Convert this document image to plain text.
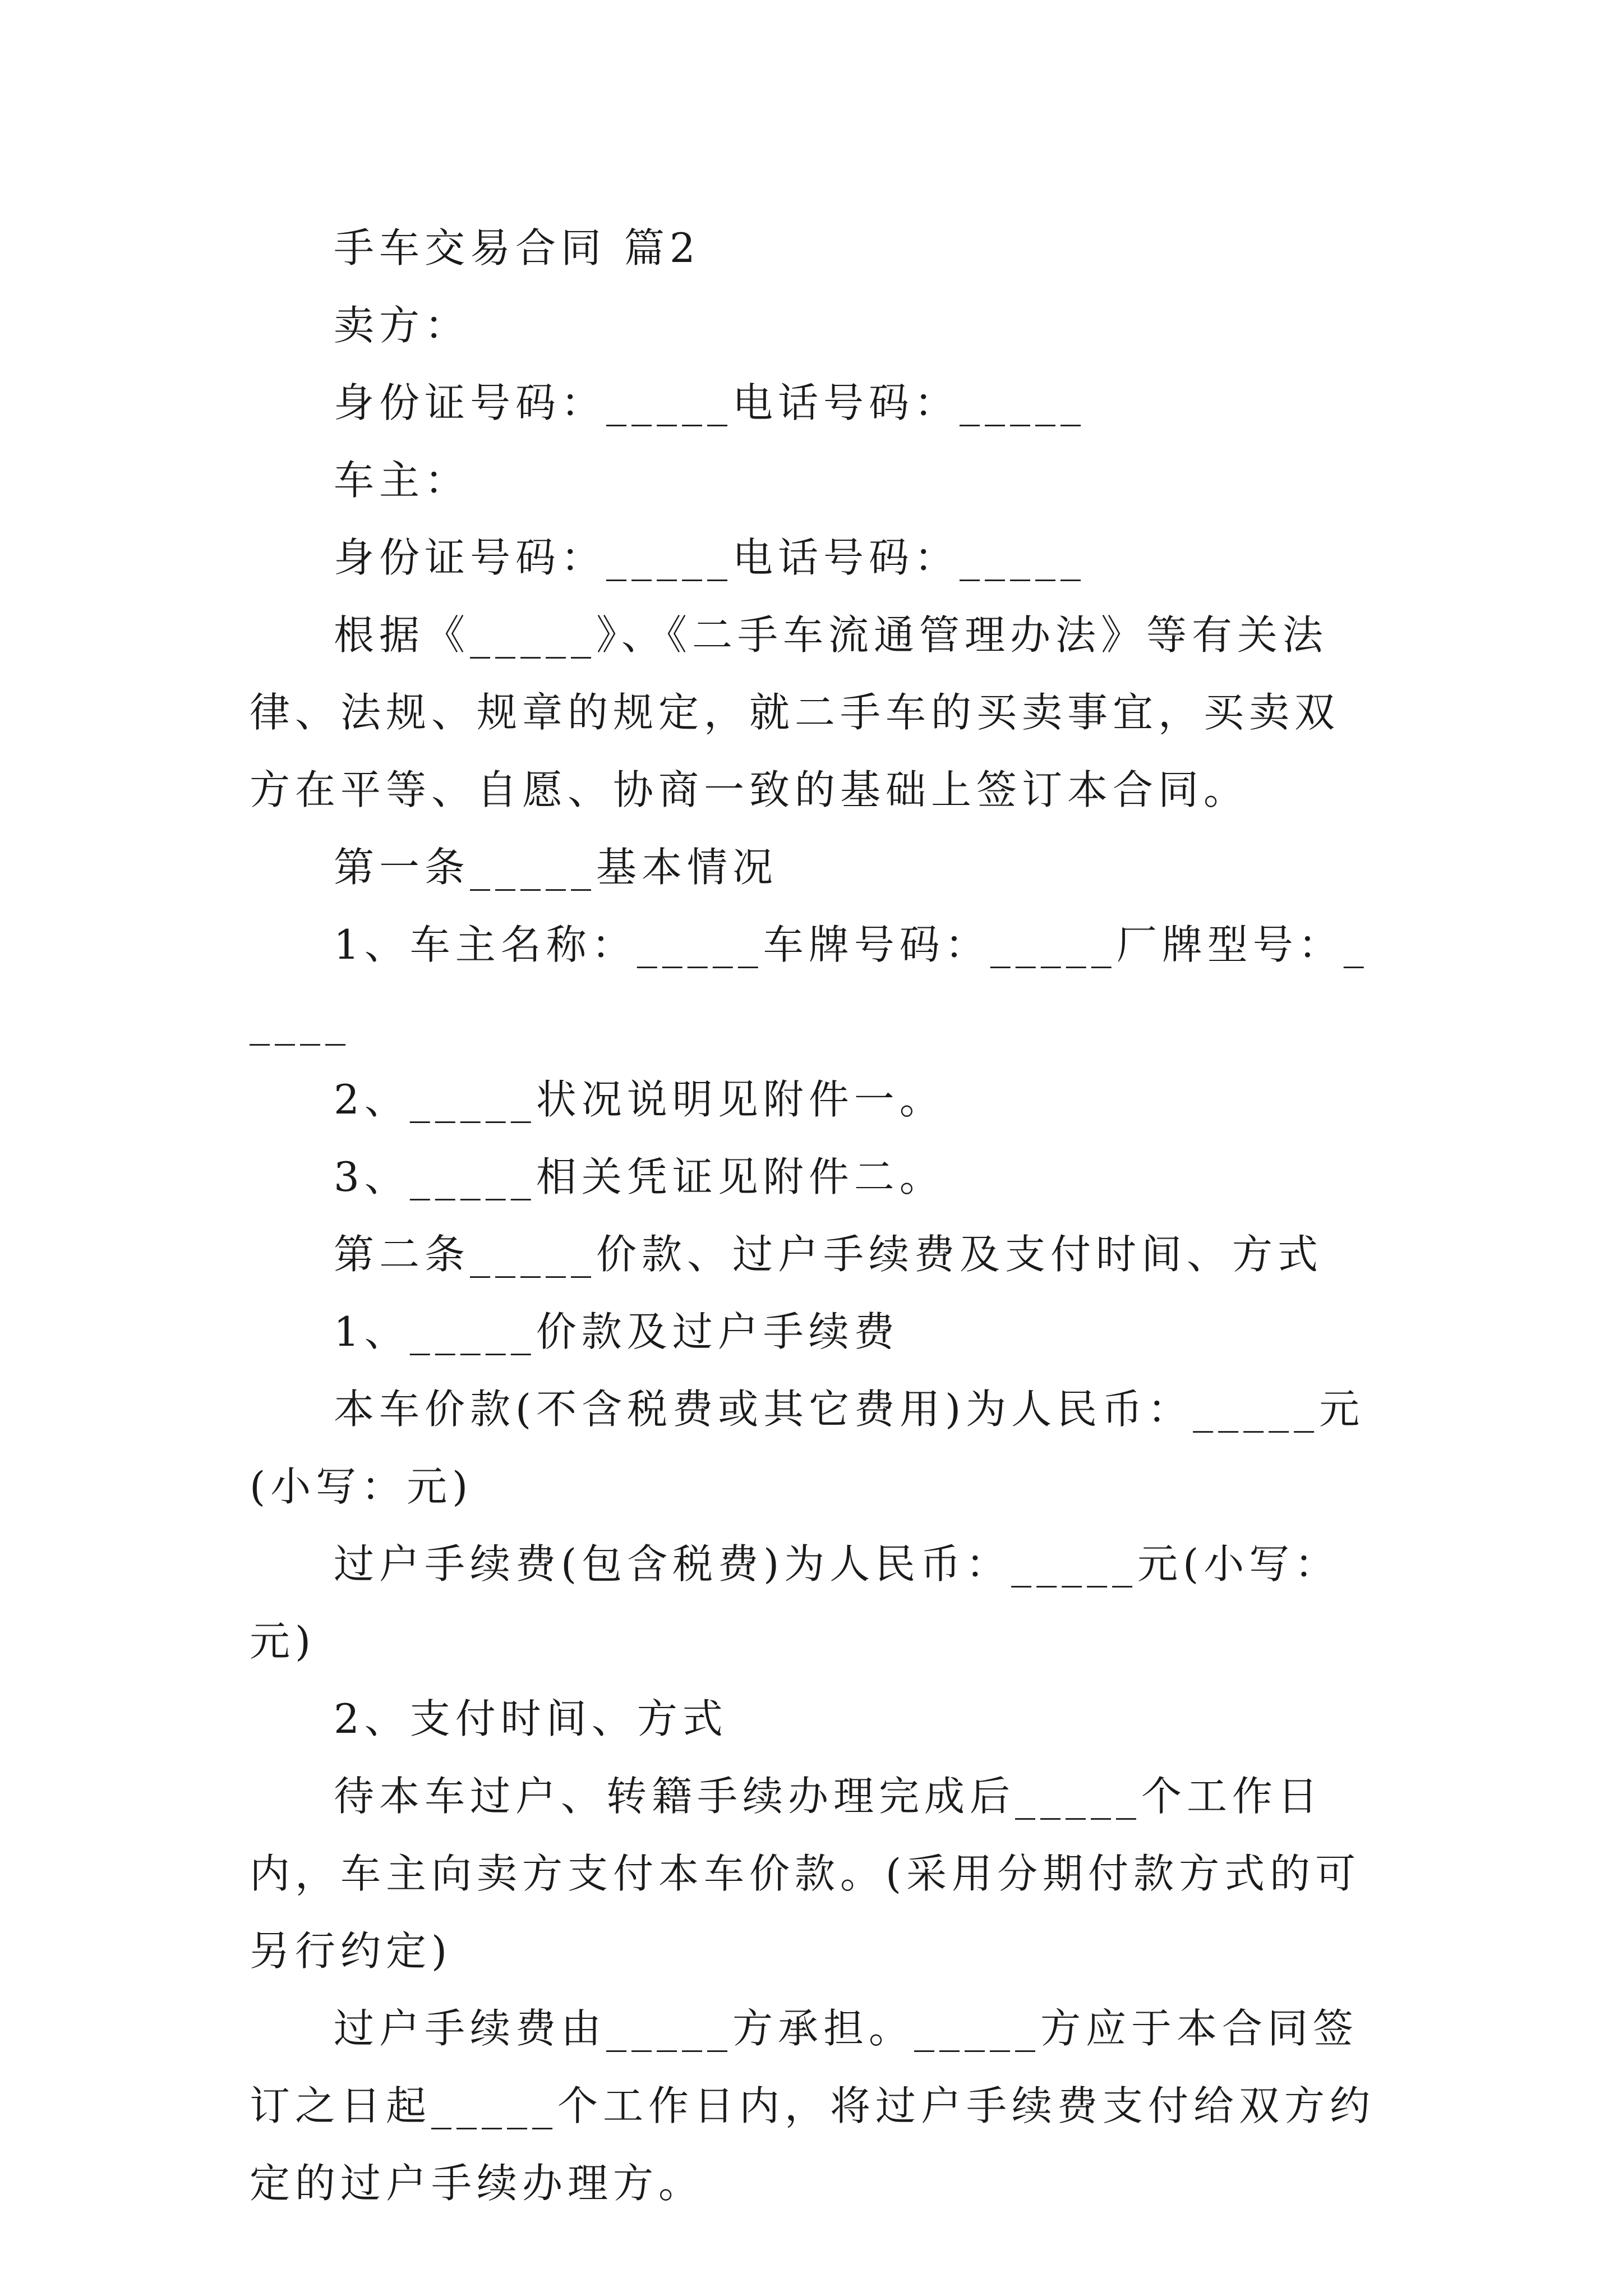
手车交易合同 篇2

卖方：

身份证号码：_____电话号码：_____

车主：

身份证号码：_____电话号码：_____

根据《_____》、《二手车流通管理办法》等有关法律、法规、规章的规定，就二手车的买卖事宜，买卖双方在平等、自愿、协商一致的基础上签订本合同。

第一条_____基本情况

1、车主名称：_____车牌号码：_____厂牌型号：_____

2、_____状况说明见附件一。

3、_____相关凭证见附件二。

第二条_____价款、过户手续费及支付时间、方式

1、_____价款及过户手续费

本车价款(不含税费或其它费用)为人民币：_____元(小写：元)

过户手续费(包含税费)为人民币：_____元(小写：元)

2、支付时间、方式

待本车过户、转籍手续办理完成后_____个工作日内，车主向卖方支付本车价款。(采用分期付款方式的可另行约定)

过户手续费由_____方承担。_____方应于本合同签订之日起_____个工作日内，将过户手续费支付给双方约定的过户手续办理方。
